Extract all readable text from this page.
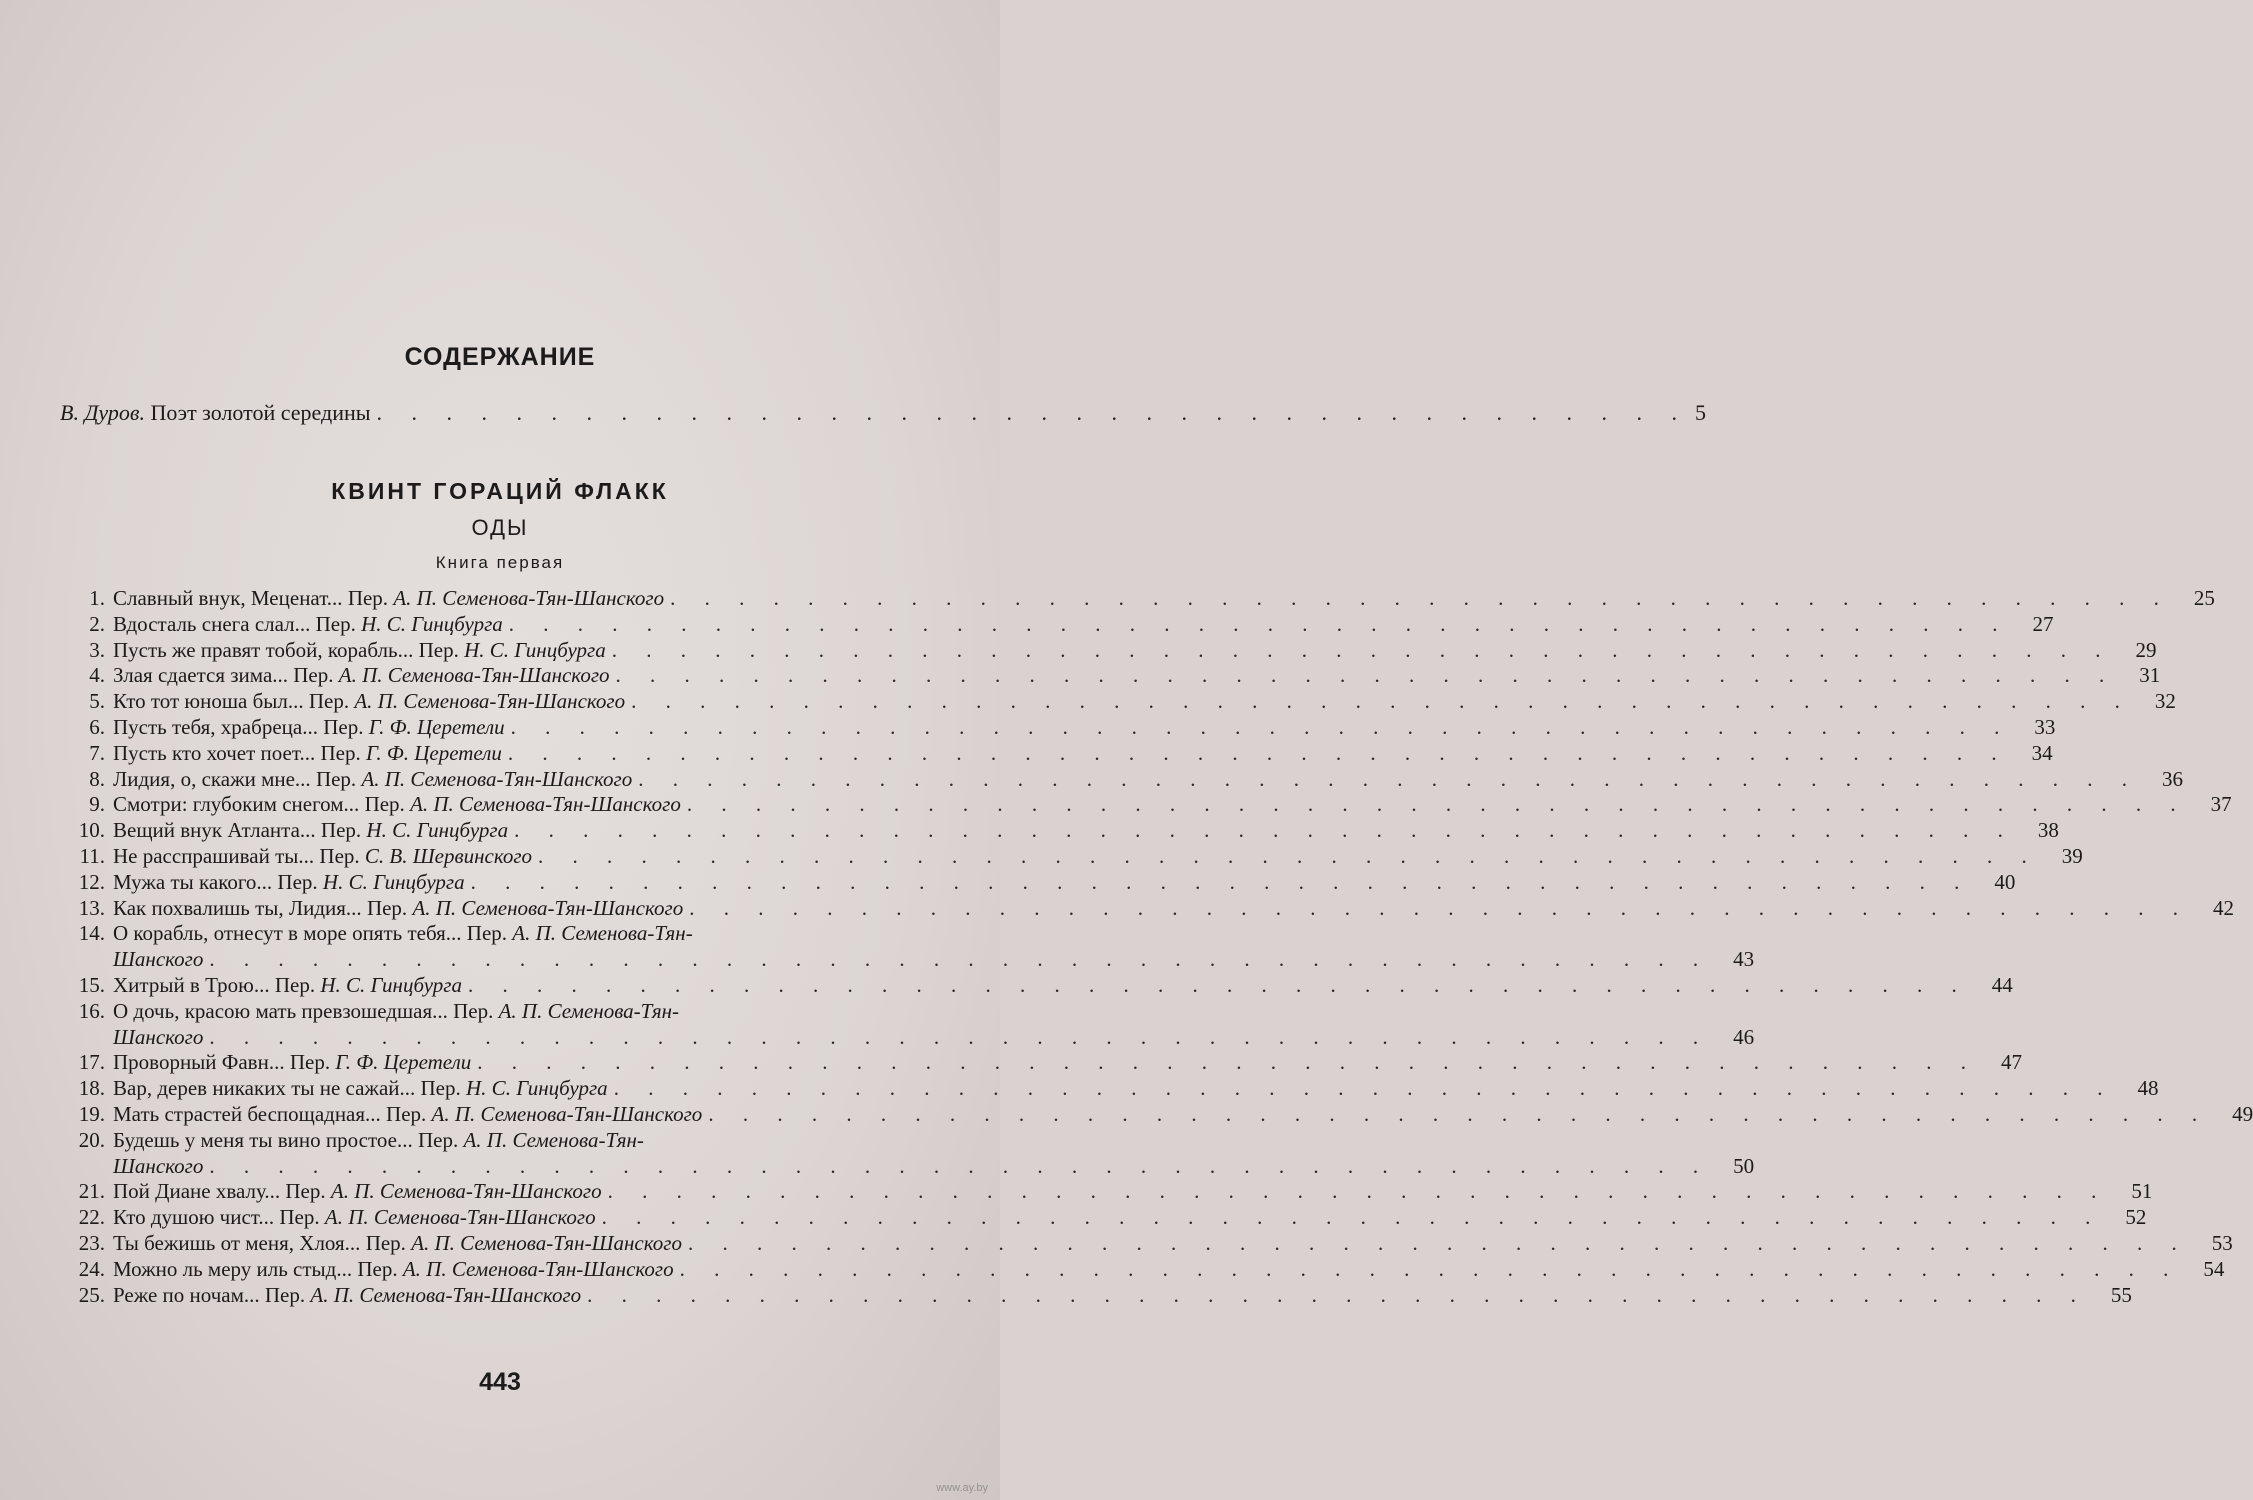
СОДЕРЖАНИЕ
В. Дуров.
Поэт золотой середины . . . . . . . . . . . . . . . . . . . . . . . . . . . . . . . . . . . . . . 5
КВИНТ ГОРАЦИЙ ФЛАКК
ОДЫ
Книга первая
1. Славный внук, Меценат... Пер. А. П. Семенова-Тян-Шанского . . . . . . . . . . . . . . . . . . . . . . . . . . . . . . . . . . . . . . . . . . . .	25
2. Вдосталь снега слал... Пер. Н. С. Гинцбурга . . . . . . . . . . . . . . . . . . . . . . . . . . . . . . . . . . . . . . . . . . . .	27
3. Пусть же правят тобой, корабль... Пер. Н. С. Гинцбурга . . . . . . . . . . . . . . . . . . . . . . . . . . . . . . . . . . . . . . . . . . . .	29
4. Злая сдается зима... Пер. А. П. Семенова-Тян-Шанского . . . . . . . . . . . . . . . . . . . . . . . . . . . . . . . . . . . . . . . . . . . .	31
5. Кто тот юноша был... Пер. А. П. Семенова-Тян-Шанского . . . . . . . . . . . . . . . . . . . . . . . . . . . . . . . . . . . . . . . . . . . .	32
6. Пусть тебя, храбреца... Пер. Г. Ф. Церетели . . . . . . . . . . . . . . . . . . . . . . . . . . . . . . . . . . . . . . . . . . . .	33
7. Пусть кто хочет поет... Пер. Г. Ф. Церетели . . . . . . . . . . . . . . . . . . . . . . . . . . . . . . . . . . . . . . . . . . . .	34
8. Лидия, о, скажи мне... Пер. А. П. Семенова-Тян-Шанского . . . . . . . . . . . . . . . . . . . . . . . . . . . . . . . . . . . . . . . . . . . .	36
9. Смотри: глубоким снегом... Пер. А. П. Семенова-Тян-Шанского . . . . . . . . . . . . . . . . . . . . . . . . . . . . . . . . . . . . . . . . . . . .	37
10. Вещий внук Атланта... Пер. Н. С. Гинцбурга . . . . . . . . . . . . . . . . . . . . . . . . . . . . . . . . . . . . . . . . . . . .	38
11. Не расспрашивай ты... Пер. С. В. Шервинского . . . . . . . . . . . . . . . . . . . . . . . . . . . . . . . . . . . . . . . . . . . .	39
12. Мужа ты какого... Пер. Н. С. Гинцбурга . . . . . . . . . . . . . . . . . . . . . . . . . . . . . . . . . . . . . . . . . . . .	40
13. Как похвалишь ты, Лидия... Пер. А. П. Семенова-Тян-Шанского . . . . . . . . . . . . . . . . . . . . . . . . . . . . . . . . . . . . . . . . . . . .	42
14. О корабль, отнесут в море опять тебя... Пер. А. П. Семенова-Тян-
Шанского . . . . . . . . . . . . . . . . . . . . . . . . . . . . . . . . . . . . . . . . . . . .	43
15. Хитрый в Трою... Пер. Н. С. Гинцбурга . . . . . . . . . . . . . . . . . . . . . . . . . . . . . . . . . . . . . . . . . . . .	44
16. О дочь, красою мать превзошедшая... Пер. А. П. Семенова-Тян-
Шанского . . . . . . . . . . . . . . . . . . . . . . . . . . . . . . . . . . . . . . . . . . . .	46
17. Проворный Фавн... Пер. Г. Ф. Церетели . . . . . . . . . . . . . . . . . . . . . . . . . . . . . . . . . . . . . . . . . . . .	47
18. Вар, дерев никаких ты не сажай... Пер. Н. С. Гинцбурга . . . . . . . . . . . . . . . . . . . . . . . . . . . . . . . . . . . . . . . . . . . .	48
19. Мать страстей беспощадная... Пер. А. П. Семенова-Тян-Шанского . . . . . . . . . . . . . . . . . . . . . . . . . . . . . . . . . . . . . . . . . . . .	49
20. Будешь у меня ты вино простое... Пер. А. П. Семенова-Тян-
Шанского . . . . . . . . . . . . . . . . . . . . . . . . . . . . . . . . . . . . . . . . . . . .	50
21. Пой Диане хвалу... Пер. А. П. Семенова-Тян-Шанского . . . . . . . . . . . . . . . . . . . . . . . . . . . . . . . . . . . . . . . . . . . .	51
22. Кто душою чист... Пер. А. П. Семенова-Тян-Шанского . . . . . . . . . . . . . . . . . . . . . . . . . . . . . . . . . . . . . . . . . . . .	52
23. Ты бежишь от меня, Хлоя... Пер. А. П. Семенова-Тян-Шанского . . . . . . . . . . . . . . . . . . . . . . . . . . . . . . . . . . . . . . . . . . . .	53
24. Можно ль меру иль стыд... Пер. А. П. Семенова-Тян-Шанского . . . . . . . . . . . . . . . . . . . . . . . . . . . . . . . . . . . . . . . . . . . .	54
25. Реже по ночам... Пер. А. П. Семенова-Тян-Шанского . . . . . . . . . . . . . . . . . . . . . . . . . . . . . . . . . . . . . . . . . . . .	55
443
www.ay.by
